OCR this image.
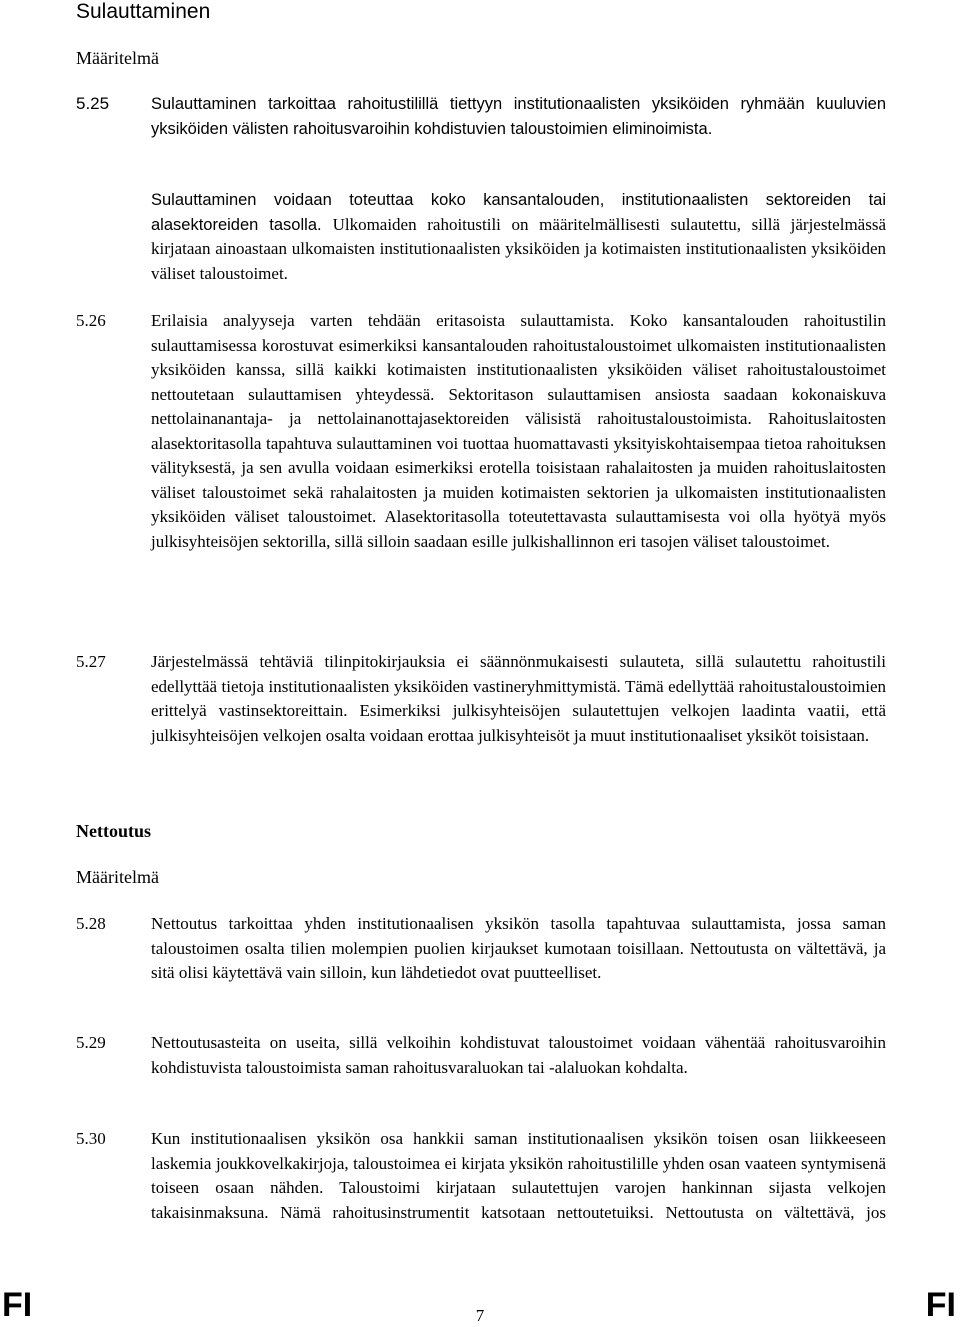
Sulauttaminen
Määritelmä
5.25	Sulauttaminen tarkoittaa rahoitustilillä tiettyyn institutionaalisten yksiköiden ryhmään kuuluvien yksiköiden välisten rahoitusvaroihin kohdistuvien taloustoimien eliminoimista.
Sulauttaminen voidaan toteuttaa koko kansantalouden, institutionaalisten sektoreiden tai alasektoreiden tasolla. Ulkomaiden rahoitustili on määritelmällisesti sulautettu, sillä järjestelmässä kirjataan ainoastaan ulkomaisten institutionaalisten yksiköiden ja kotimaisten institutionaalisten yksiköiden väliset taloustoimet.
5.26	Erilaisia analyyseja varten tehdään eritasoista sulauttamista. Koko kansantalouden rahoitustilin sulauttamisessa korostuvat esimerkiksi kansantalouden rahoitustaloustoimet ulkomaisten institutionaalisten yksiköiden kanssa, sillä kaikki kotimaisten institutionaalisten yksiköiden väliset rahoitustaloustoimet nettoutetaan sulauttamisen yhteydessä. Sektoritason sulauttamisen ansiosta saadaan kokonaiskuva nettolainanantaja- ja nettolainanottajasektoreiden välisistä rahoitustaloustoimista. Rahoituslaitosten alasektoritasolla tapahtuva sulauttaminen voi tuottaa huomattavasti yksityiskohtaisempaa tietoa rahoituksen välityksestä, ja sen avulla voidaan esimerkiksi erotella toisistaan rahalaitosten ja muiden rahoituslaitosten väliset taloustoimet sekä rahalaitosten ja muiden kotimaisten sektorien ja ulkomaisten institutionaalisten yksiköiden väliset taloustoimet. Alasektoritasolla toteutettavasta sulauttamisesta voi olla hyötyä myös julkisyhteisöjen sektorilla, sillä silloin saadaan esille julkishallinnon eri tasojen väliset taloustoimet.
5.27	Järjestelmässä tehtäviä tilinpitokirjauksia ei säännönmukaisesti sulauteta, sillä sulautettu rahoitustili edellyttää tietoja institutionaalisten yksiköiden vastineryhmittymistä. Tämä edellyttää rahoitustaloustoimien erittelyä vastinsektoreittain. Esimerkiksi julkisyhteisöjen sulautettujen velkojen laadinta vaatii, että julkisyhteisöjen velkojen osalta voidaan erottaa julkisyhteisöt ja muut institutionaaliset yksiköt toisistaan.
Nettoutus
Määritelmä
5.28	Nettoutus tarkoittaa yhden institutionaalisen yksikön tasolla tapahtuvaa sulauttamista, jossa saman taloustoimen osalta tilien molempien puolien kirjaukset kumotaan toisillaan. Nettoutusta on vältettävä, ja sitä olisi käytettävä vain silloin, kun lähdetiedot ovat puutteelliset.
5.29	Nettoutusasteita on useita, sillä velkoihin kohdistuvat taloustoimet voidaan vähentää rahoitusvaroihin kohdistuvista taloustoimista saman rahoitusvaraluokan tai -alaluokan kohdalta.
5.30	Kun institutionaalisen yksikön osa hankkii saman institutionaalisen yksikön toisen osan liikkeeseen laskemia joukkovelkakirjoja, taloustoimea ei kirjata yksikön rahoitustilille yhden osan vaateen syntymisenä toiseen osaan nähden. Taloustoimi kirjataan sulautettujen varojen hankinnan sijasta velkojen takaisinmaksuna. Nämä rahoitusinstrumentit katsotaan nettoutetuiksi. Nettoutusta on vältettävä, jos
FI	7	FI
